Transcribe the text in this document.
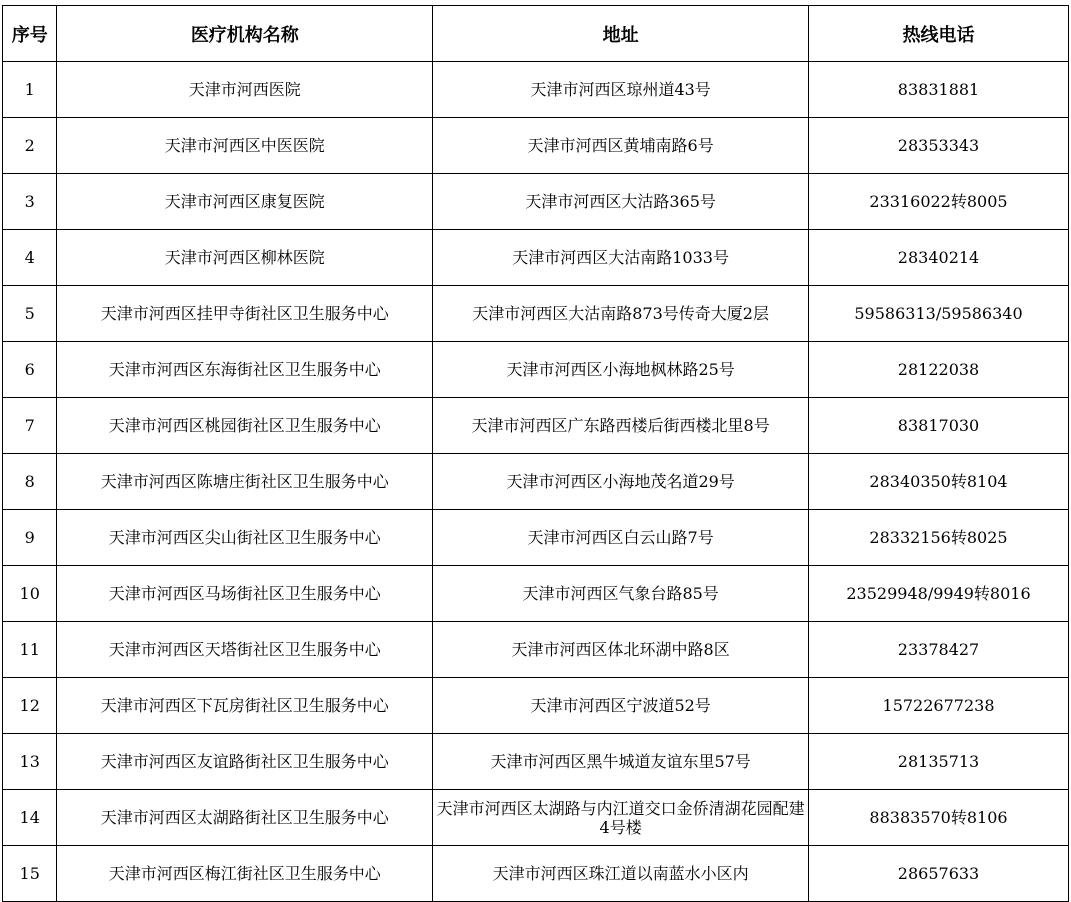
序号	医疗机构名称	地址	热线电话
1	天津市河西医院	天津市河西区琼州道43号	83831881
2	天津市河西区中医医院	天津市河西区黄埔南路6号	28353343
3	天津市河西区康复医院	天津市河西区大沽路365号	23316022转8005
4	天津市河西区柳林医院	天津市河西区大沽南路1033号	28340214
5	天津市河西区挂甲寺街社区卫生服务中心	天津市河西区大沽南路873号传奇大厦2层	59586313/59586340
6	天津市河西区东海街社区卫生服务中心	天津市河西区小海地枫林路25号	28122038
7	天津市河西区桃园街社区卫生服务中心	天津市河西区广东路西楼后街西楼北里8号	83817030
8	天津市河西区陈塘庄街社区卫生服务中心	天津市河西区小海地茂名道29号	28340350转8104
9	天津市河西区尖山街社区卫生服务中心	天津市河西区白云山路7号	28332156转8025
10	天津市河西区马场街社区卫生服务中心	天津市河西区气象台路85号	23529948/9949转8016
11	天津市河西区天塔街社区卫生服务中心	天津市河西区体北环湖中路8区	23378427
12	天津市河西区下瓦房街社区卫生服务中心	天津市河西区宁波道52号	15722677238
13	天津市河西区友谊路街社区卫生服务中心	天津市河西区黑牛城道友谊东里57号	28135713
14	天津市河西区太湖路街社区卫生服务中心	天津市河西区太湖路与内江道交口金侨清湖花园配建4号楼	88383570转8106
15	天津市河西区梅江街社区卫生服务中心	天津市河西区珠江道以南蓝水小区内	28657633
